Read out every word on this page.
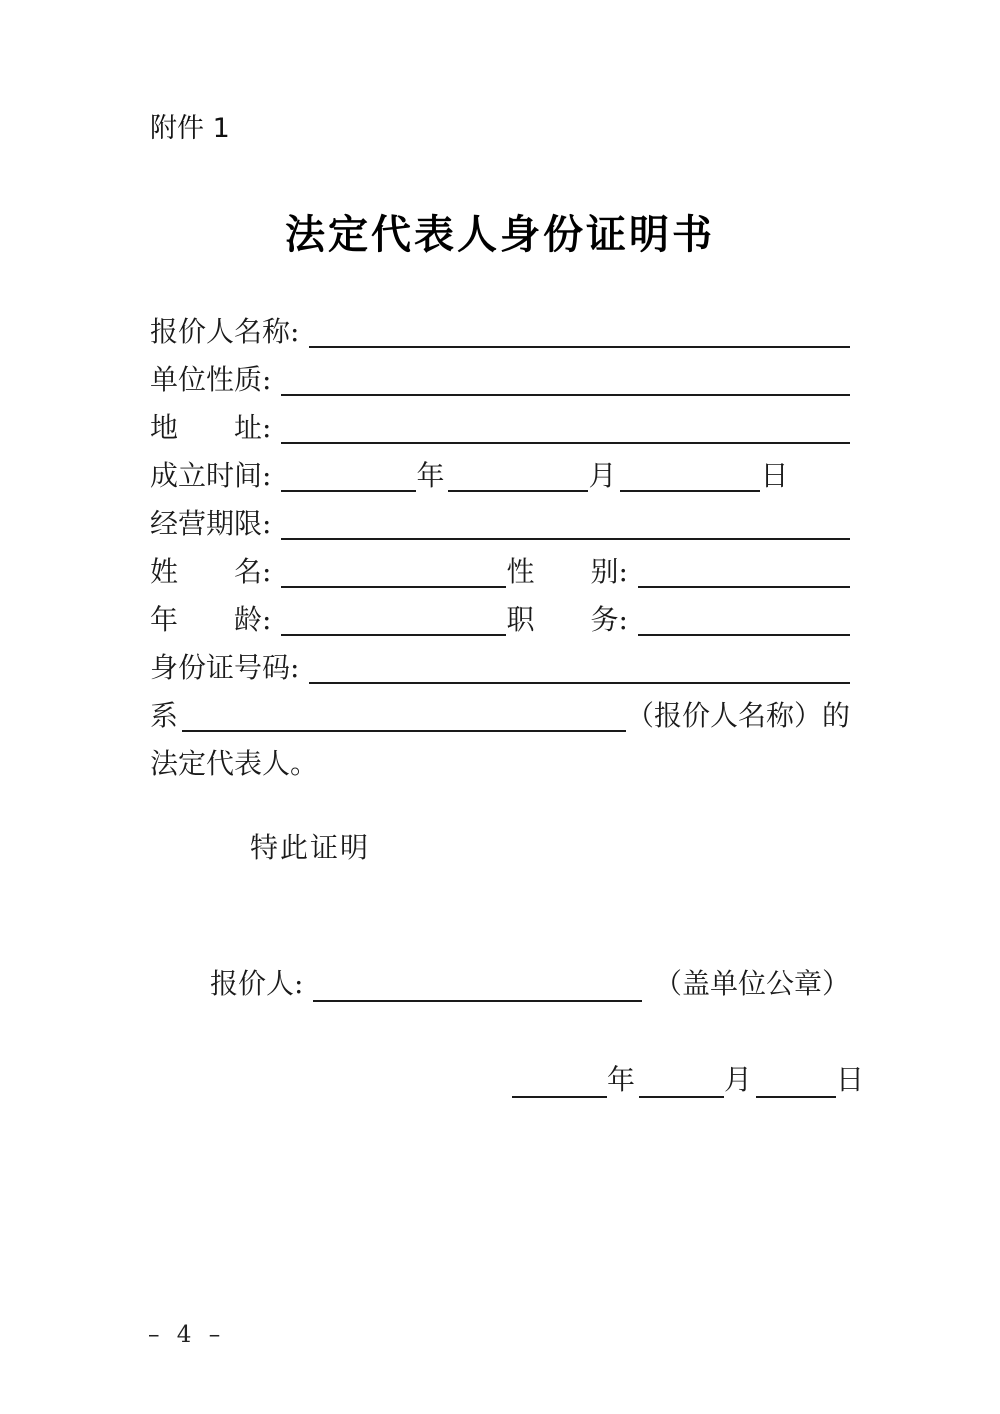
附件 1
法定代表人身份证明书
报价人名称:
单位性质:
地　　址:
成立时间:	年	月	日
经营期限:
姓　　名:	性　　别:
年　　龄:	职　　务:
身份证号码:
系	（报价人名称）的
法定代表人。
特此证明
报价人:	（盖单位公章）
年	月	日
– 4 –
